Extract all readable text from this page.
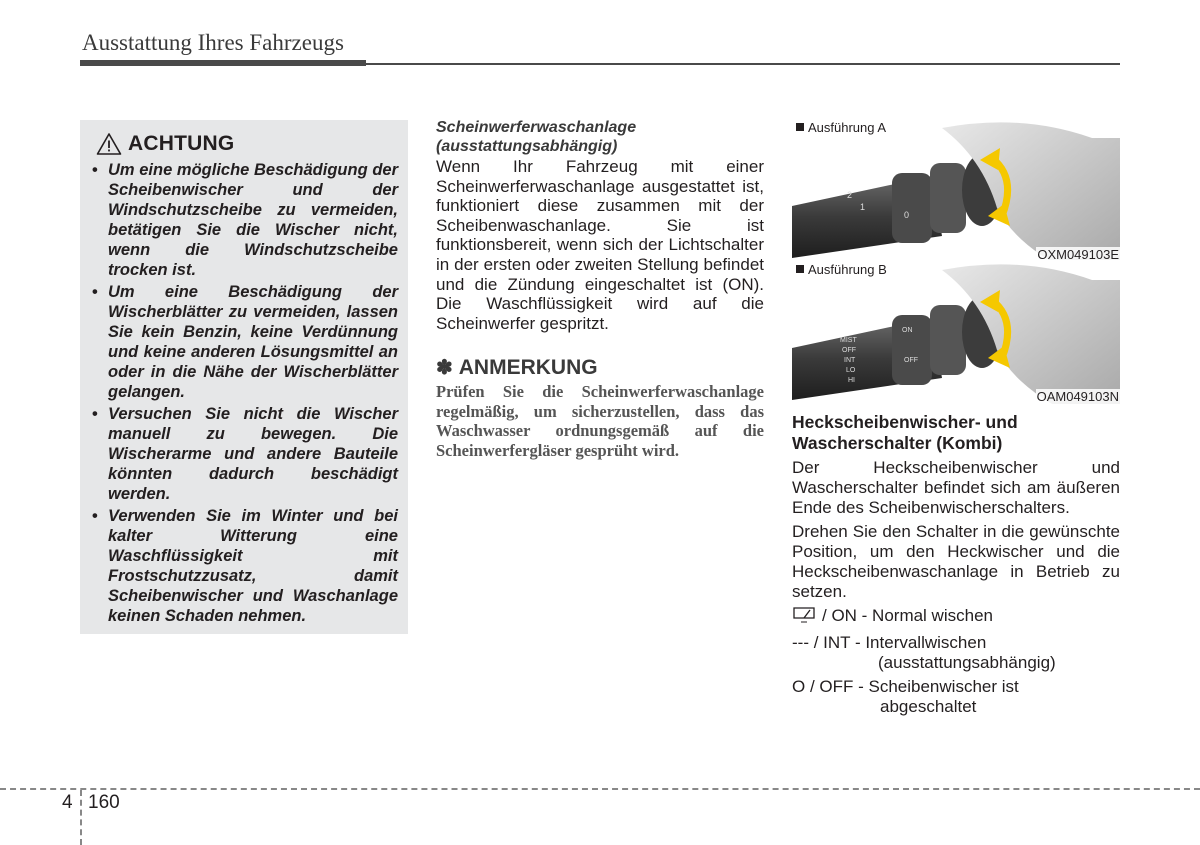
Ausstattung Ihres Fahrzeugs
ACHTUNG
• Um eine mögliche Beschädigung der Scheibenwischer und der Windschutzscheibe zu vermeiden, betätigen Sie die Wischer nicht, wenn die Windschutzscheibe trocken ist.
• Um eine Beschädigung der Wischerblätter zu vermeiden, lassen Sie kein Benzin, keine Verdünnung und keine anderen Lösungsmittel an oder in die Nähe der Wischerblätter gelangen.
• Versuchen Sie nicht die Wischer manuell zu bewegen. Die Wischerarme und andere Bauteile könnten dadurch beschädigt werden.
• Verwenden Sie im Winter und bei kalter Witterung eine Waschflüssigkeit mit Frostschutzzusatz, damit Scheibenwischer und Waschanlage keinen Schaden nehmen.
Scheinwerferwaschanlage (ausstattungsabhängig)
Wenn Ihr Fahrzeug mit einer Scheinwerferwaschanlage ausgestattet ist, funktioniert diese zusammen mit der Scheibenwaschanlage. Sie ist funktionsbereit, wenn sich der Lichtschalter in der ersten oder zweiten Stellung befindet und die Zündung eingeschaltet ist (ON). Die Waschflüssigkeit wird auf die Scheinwerfer gespritzt.
✽ ANMERKUNG
Prüfen Sie die Scheinwerferwaschanlage regelmäßig, um sicherzustellen, dass das Waschwasser ordnungsgemäß auf die Scheinwerfergläser gesprüht wird.
Ausführung A
2
1
0
OXM049103E
Ausführung B
MIST
OFF
INT
LO
HI
ON
OFF
OAM049103N
Heckscheibenwischer- und Wascherschalter (Kombi)
Der Heckscheibenwischer und Wascherschalter befindet sich am äußeren Ende des Scheibenwischerschalters.
Drehen Sie den Schalter in die gewünschte Position, um den Heckwischer und die Heckscheibenwaschanlage in Betrieb zu setzen.
/ ON - Normal wischen
--- / INT - Intervallwischen
(ausstattungsabhängig)
O / OFF - Scheibenwischer ist
abgeschaltet
4 160
